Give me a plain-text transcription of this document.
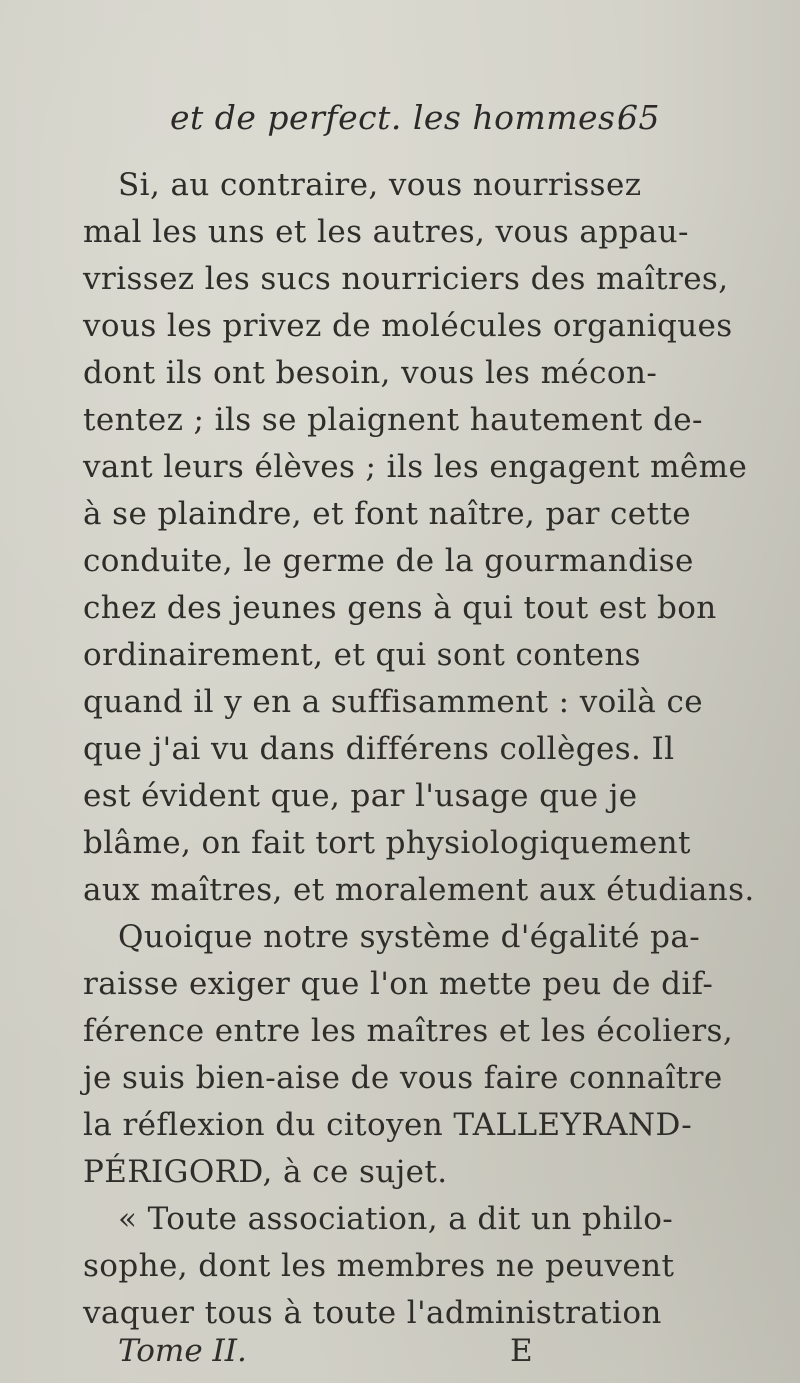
et de perfect. les hommes.
65
Si, au contraire, vous nourrissez
mal les uns et les autres, vous appau-
vrissez les sucs nourriciers des maîtres,
vous les privez de molécules organiques
dont ils ont besoin, vous les mécon-
tentez ; ils se plaignent hautement de-
vant leurs élèves ; ils les engagent même
à se plaindre, et font naître, par cette
conduite, le germe de la gourmandise
chez des jeunes gens à qui tout est bon
ordinairement, et qui sont contens
quand il y en a suffisamment : voilà ce
que j'ai vu dans différens collèges. Il
est évident que, par l'usage que je
blâme, on fait tort physiologiquement
aux maîtres, et moralement aux étudians.
Quoique notre système d'égalité pa-
raisse exiger que l'on mette peu de dif-
férence entre les maîtres et les écoliers,
je suis bien-aise de vous faire connaître
la réflexion du citoyen TALLEYRAND-
PÉRIGORD, à ce sujet.
« Toute association, a dit un philo-
sophe, dont les membres ne peuvent
vaquer tous à toute l'administration
Tome II.	E
